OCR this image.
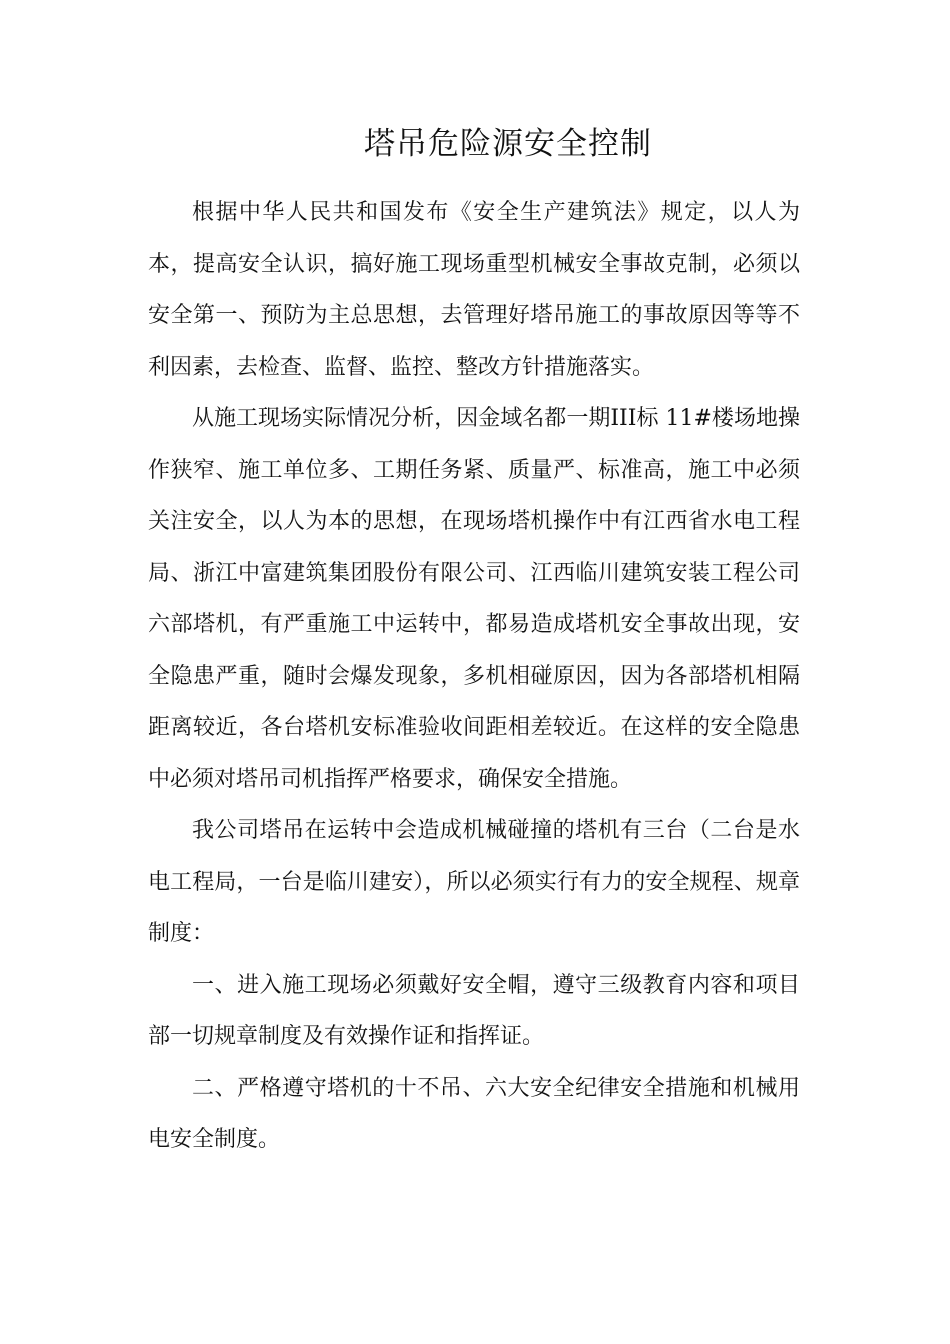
塔吊危险源安全控制

根据中华人民共和国发布《安全生产建筑法》规定，以人为本，提高安全认识，搞好施工现场重型机械安全事故克制，必须以安全第一、预防为主总思想，去管理好塔吊施工的事故原因等等不利因素，去检查、监督、监控、整改方针措施落实。

从施工现场实际情况分析，因金域名都一期III标 11#楼场地操作狭窄、施工单位多、工期任务紧、质量严、标准高，施工中必须关注安全，以人为本的思想，在现场塔机操作中有江西省水电工程局、浙江中富建筑集团股份有限公司、江西临川建筑安装工程公司六部塔机，有严重施工中运转中，都易造成塔机安全事故出现，安全隐患严重，随时会爆发现象，多机相碰原因，因为各部塔机相隔距离较近，各台塔机安标准验收间距相差较近。在这样的安全隐患中必须对塔吊司机指挥严格要求，确保安全措施。

我公司塔吊在运转中会造成机械碰撞的塔机有三台（二台是水电工程局，一台是临川建安），所以必须实行有力的安全规程、规章制度：

一、进入施工现场必须戴好安全帽，遵守三级教育内容和项目部一切规章制度及有效操作证和指挥证。

二、严格遵守塔机的十不吊、六大安全纪律安全措施和机械用电安全制度。
